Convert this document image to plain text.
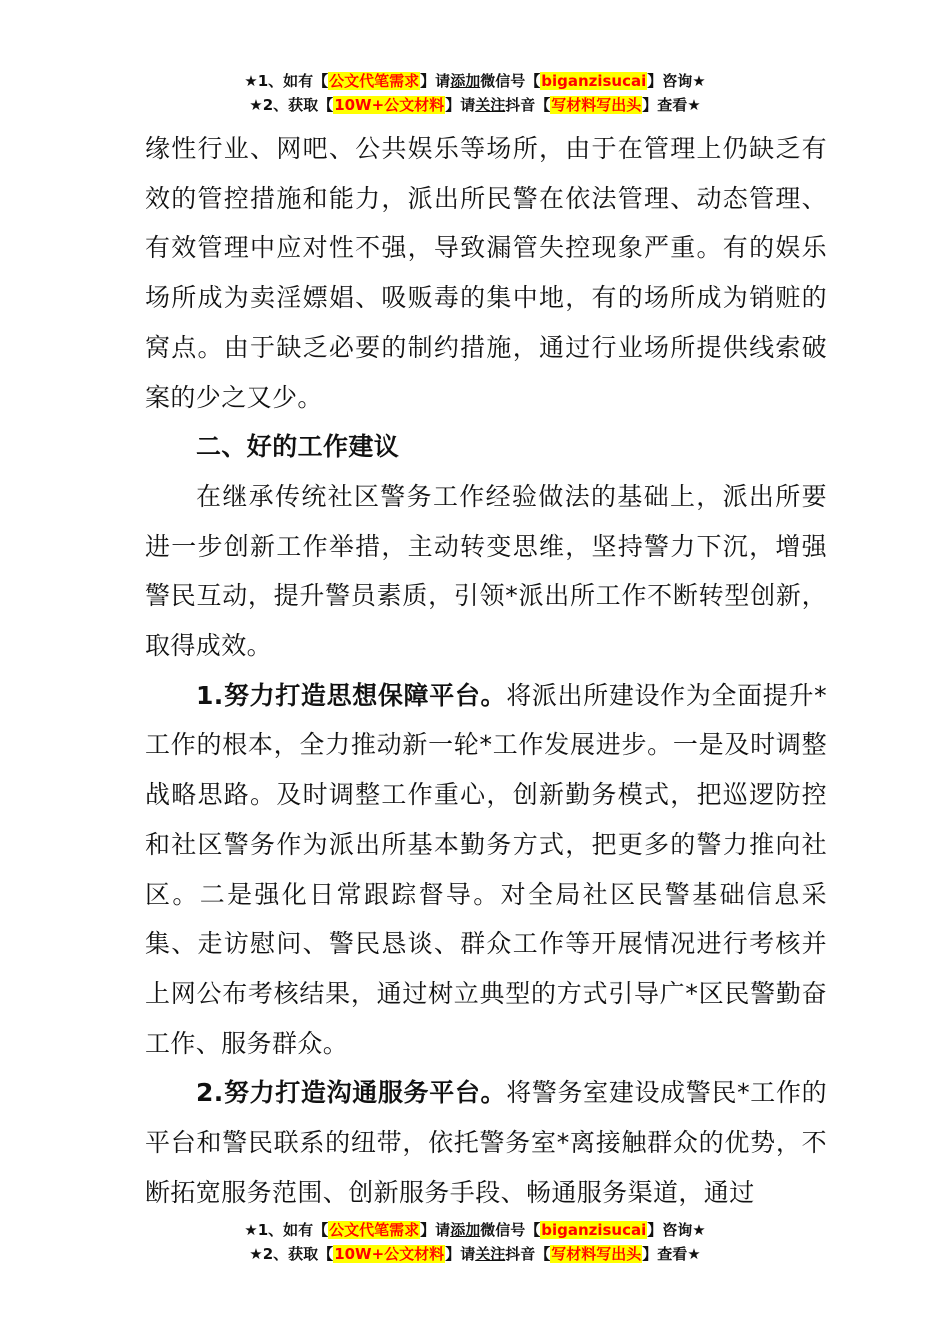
★1、如有【公文代笔需求】请添加微信号【biganzisucai】咨询★
★2、获取【10W+公文材料】请关注抖音【写材料写出头】查看★

缘性行业、网吧、公共娱乐等场所，由于在管理上仍缺乏有效的管控措施和能力，派出所民警在依法管理、动态管理、有效管理中应对性不强，导致漏管失控现象严重。有的娱乐场所成为卖淫嫖娼、吸贩毒的集中地，有的场所成为销赃的窝点。由于缺乏必要的制约措施，通过行业场所提供线索破案的少之又少。

二、好的工作建议

在继承传统社区警务工作经验做法的基础上，派出所要进一步创新工作举措，主动转变思维，坚持警力下沉，增强警民互动，提升警员素质，引领*派出所工作不断转型创新，取得成效。

1.努力打造思想保障平台。将派出所建设作为全面提升*工作的根本，全力推动新一轮*工作发展进步。一是及时调整战略思路。及时调整工作重心，创新勤务模式，把巡逻防控和社区警务作为派出所基本勤务方式，把更多的警力推向社区。二是强化日常跟踪督导。对全局社区民警基础信息采集、走访慰问、警民恳谈、群众工作等开展情况进行考核并上网公布考核结果，通过树立典型的方式引导广*区民警勤奋工作、服务群众。

2.努力打造沟通服务平台。将警务室建设成警民*工作的平台和警民联系的纽带，依托警务室*离接触群众的优势，不断拓宽服务范围、创新服务手段、畅通服务渠道，通过

★1、如有【公文代笔需求】请添加微信号【biganzisucai】咨询★
★2、获取【10W+公文材料】请关注抖音【写材料写出头】查看★
